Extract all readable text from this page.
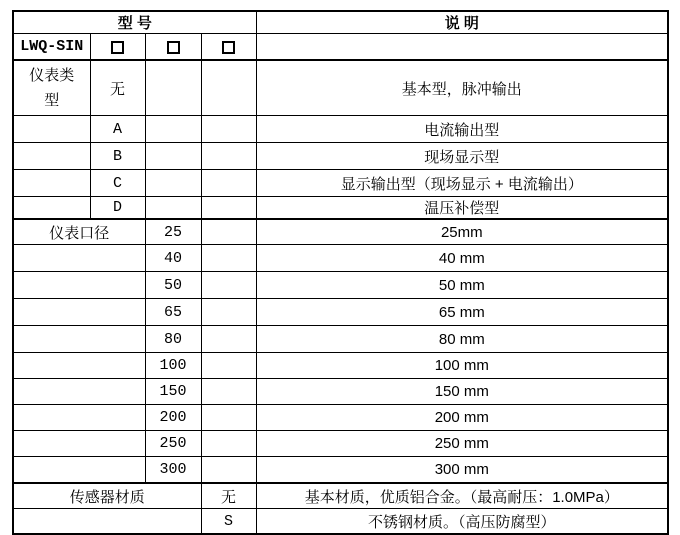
型 号				说 明
LWQ-SIN				
仪表类型	无			基本型，脉冲输出
	A			电流输出型
	B			现场显示型
	C			显示输出型（现场显示 + 电流输出）
	D			温压补偿型
仪表口径		25		25mm
		40		40 mm
		50		50 mm
		65		65 mm
		80		80 mm
		100		100 mm
		150		150 mm
		200		200 mm
		250		250 mm
		300		300 mm
传感器材质			无	基本材质，优质铝合金。（最高耐压：1.0MPa）
			S	不锈钢材质。（高压防腐型）
